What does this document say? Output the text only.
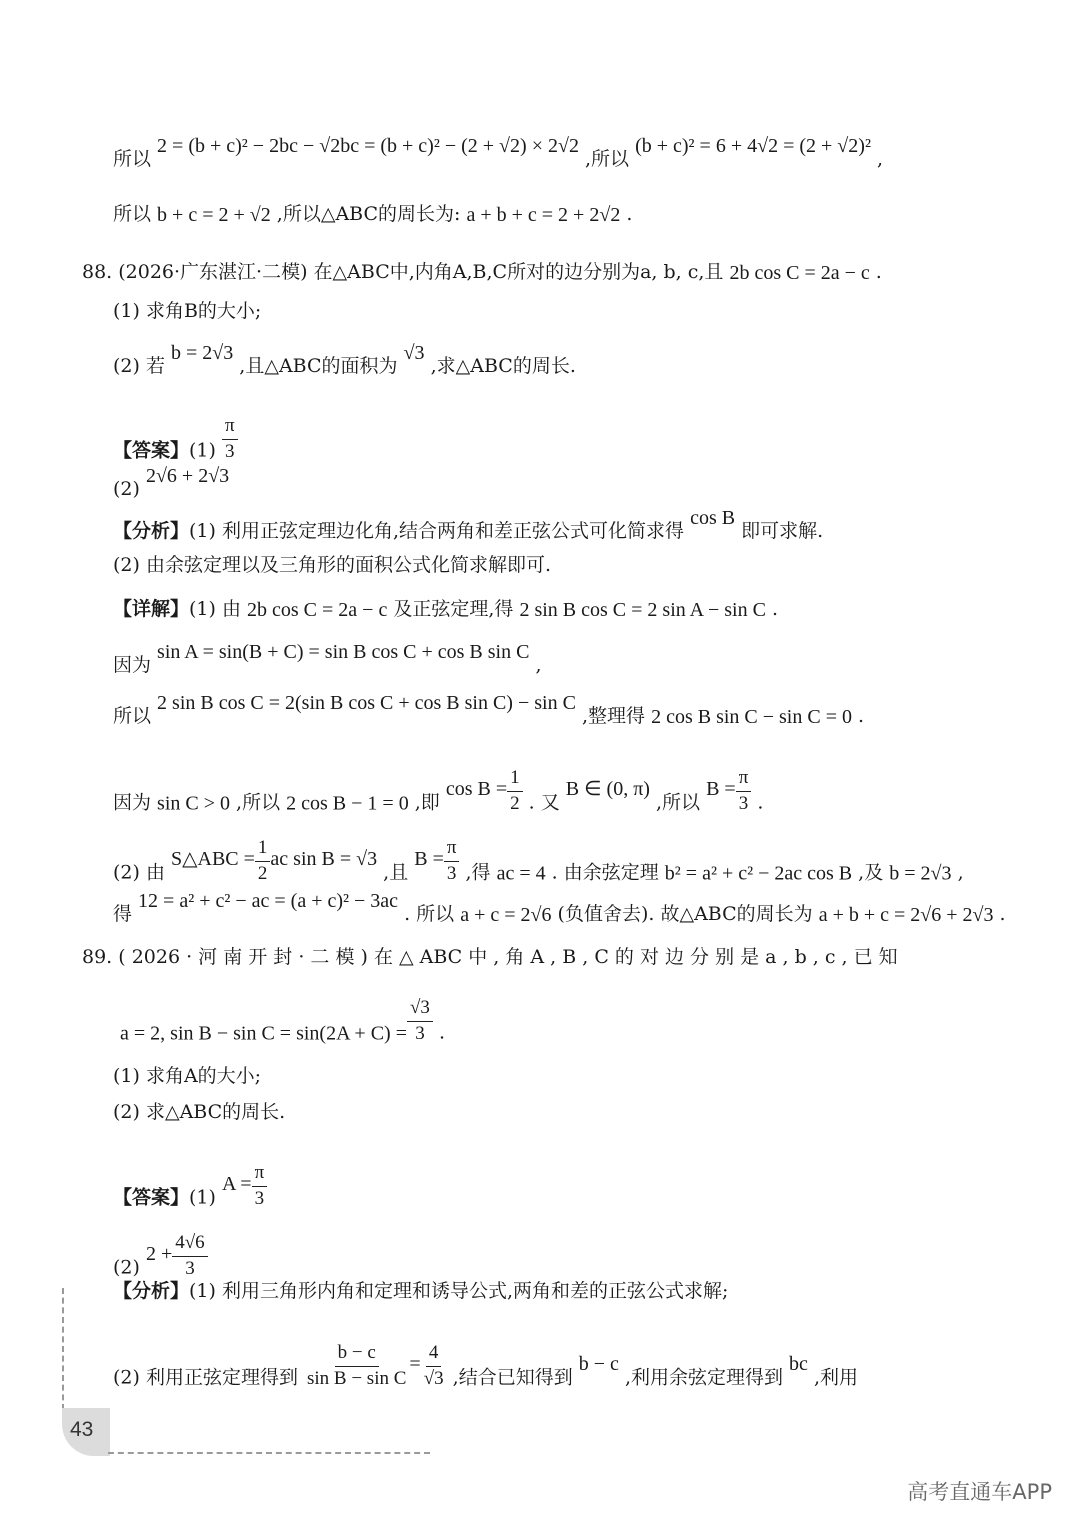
所以 2 = (b + c)² − 2bc − √2bc = (b + c)² − (2 + √2) × 2√2 ,所以 (b + c)² = 6 + 4√2 = (2 + √2)² ,
所以 b + c = 2 + √2 ,所以△ABC的周长为: a + b + c = 2 + 2√2 .
88. (2026·广东湛江·二模) 在△ABC中,内角A,B,C所对的边分别为a, b, c,且 2b cos C = 2a − c .
(1) 求角B的大小;
(2) 若 b = 2√3 ,且△ABC的面积为 √3 ,求△ABC的周长.
【答案】$(1) \frac{\pi}{3}$
(2) 2√6 + 2√3
【分析】(1) 利用正弦定理边化角,结合两角和差正弦公式可化简求得 cos B 即可求解.
(2) 由余弦定理以及三角形的面积公式化简求解即可.
【详解】(1) 由 2b cos C = 2a − c 及正弦定理,得 2 sin B cos C = 2 sin A − sin C .
因为 sin A = sin(B + C) = sin B cos C + cos B sin C ,
所以 2 sin B cos C = 2(sin B cos C + cos B sin C) − sin C ,整理得 2 cos B sin C − sin C = 0 .
因为 sin C > 0 ,所以 2 cos B − 1 = 0 ,即 $\cos B = \frac{1}{2}$ . 又 B ∈ (0, π) ,所以 $B = \frac{\pi}{3}$ .
(2) 由 S△ABC = $\frac{1}{2}$ ac sin B = √3 ,且 $B = \frac{\pi}{3}$ ,得 ac = 4 . 由余弦定理 b² = a² + c² − 2ac cos B ,及 b = 2√3 ,
得 12 = a² + c² − ac = (a + c)² − 3ac . 所以 a + c = 2√6 (负值舍去). 故△ABC的周长为 a + b + c = 2√6 + 2√3 .
89. ( 2026 · 河 南 开 封 · 二 模 ) 在 △ ABC 中 , 角 A , B , C 的 对 边 分 别 是 a , b , c , 已 知
a = 2, $\sin B - \sin C = \sin(2A + C) = \frac{√3}{3}$ .
(1) 求角A的大小;
(2) 求△ABC的周长.
【答案】(1) $A = \frac{\pi}{3}$
(2) $2 + \frac{4√6}{3}$
【分析】(1) 利用三角形内角和定理和诱导公式,两角和差的正弦公式求解;
(2) 利用正弦定理得到 $\frac{b - c}{\text{sin B − sin C}} = \frac{4}{√3}$ ,结合已知得到 b − c ,利用余弦定理得到 bc ,利用
43
高考直通车APP
